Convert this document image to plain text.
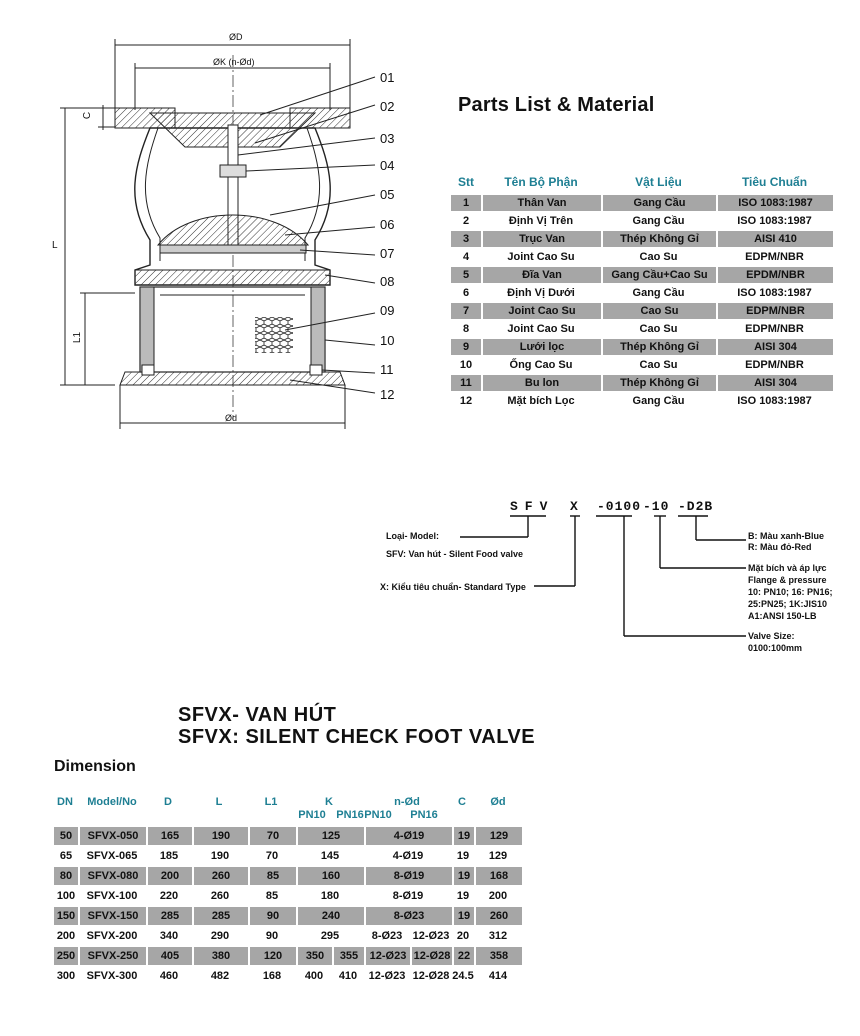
ØD
ØK (n-Ød)
Ød
L
L1
C
01
02
03
04
05
06
07
08
09
10
11
12
Parts List & Material
Stt	Tên Bộ Phận	Vật Liệu	Tiêu Chuẩn
1	Thân Van	Gang Cầu	ISO 1083:1987
2	Định Vị Trên	Gang Cầu	ISO 1083:1987
3	Trục Van	Thép Không Gỉ	AISI 410
4	Joint Cao Su	Cao Su	EDPM/NBR
5	Đĩa Van	Gang Cầu+Cao Su	EPDM/NBR
6	Định Vị Dưới	Gang Cầu	ISO 1083:1987
7	Joint Cao Su	Cao Su	EDPM/NBR
8	Joint Cao Su	Cao Su	EDPM/NBR
9	Lưới lọc	Thép Không Gỉ	AISI 304
10	Ống Cao Su	Cao Su	EDPM/NBR
11	Bu lon	Thép Không Gỉ	AISI 304
12	Mặt bích Lọc	Gang Cầu	ISO 1083:1987
SFV X -0100 -10 -D2B
Loại- Model:
SFV: Van hút - Silent Food valve
X: Kiểu tiêu chuẩn- Standard Type
B: Màu xanh-Blue
R: Màu đỏ-Red
Mặt bích và áp lực
Flange & pressure
10: PN10; 16: PN16;
25:PN25; 1K:JIS10
A1:ANSI 150-LB
Valve Size:
0100:100mm
SFVX- VAN HÚT
SFVX: SILENT CHECK FOOT VALVE
Dimension
DN	Model/No	D	L	L1	K	n-Ød	C	Ød
PN10 PN16 PN10 PN16
50	SFVX-050	165	190	70	125		4-Ø19		19	129
65	SFVX-065	185	190	70	145		4-Ø19		19	129
80	SFVX-080	200	260	85	160		8-Ø19		19	168
100	SFVX-100	220	260	85	180		8-Ø19		19	200
150	SFVX-150	285	285	90	240		8-Ø23		19	260
200	SFVX-200	340	290	90	295		8-Ø23	12-Ø23	20	312
250	SFVX-250	405	380	120	350	355	12-Ø23	12-Ø28	22	358
300	SFVX-300	460	482	168	400	410	12-Ø23	12-Ø28	24.5	414
